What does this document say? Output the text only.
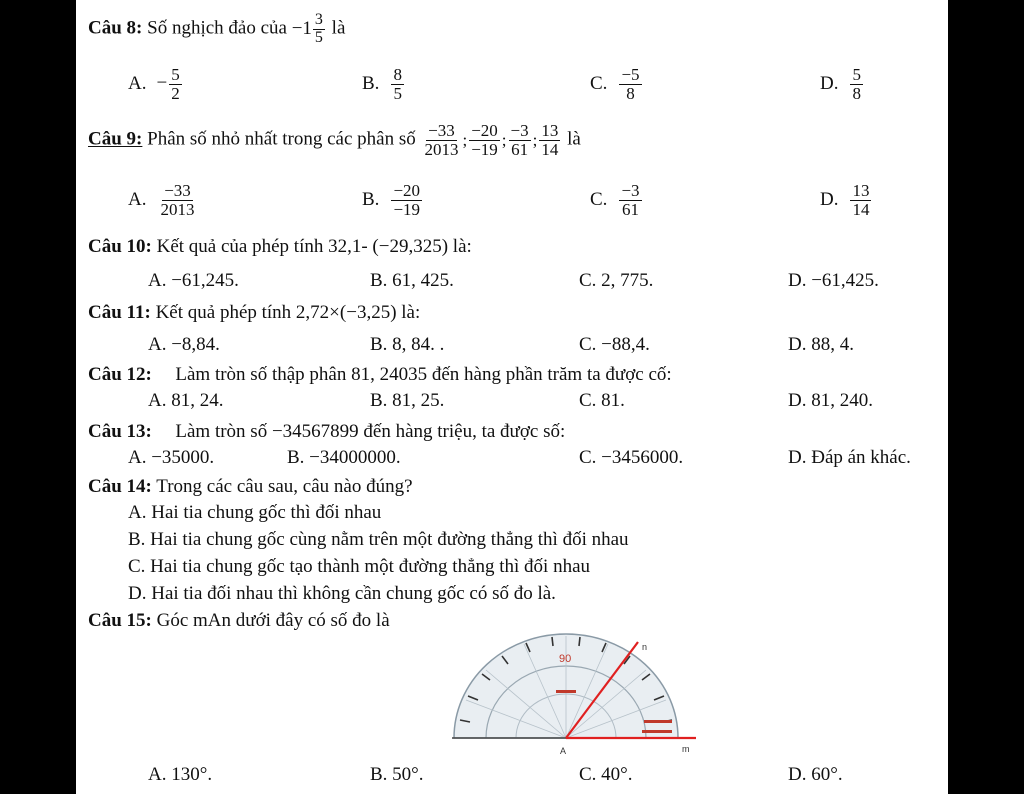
Câu 8: Số nghịch đảo của $-1 \frac{3}{5}$ là
A. − $\frac{5}{2}$	B. $\frac{8}{5}$	C. $\frac{-5}{8}$	D. $\frac{5}{8}$
Câu 9: Phân số nhỏ nhất trong các phân số $\frac{-33}{2013}$ ; $\frac{-20}{-19}$ ; $\frac{-3}{61}$ ; $\frac{13}{14}$ là
A. $\frac{-33}{2013}$	B. $\frac{-20}{-19}$	C. $\frac{-3}{61}$	D. $\frac{13}{14}$
Câu 10: Kết quả của phép tính 32,1- (−29,325) là:
A. −61,245.	B. 61, 425.	C. 2, 775.	D. −61,425.
Câu 11: Kết quả phép tính 2,72×(−3,25) là:
A. −8,84.	B. 8, 84. .	C. −88,4.	D. 88, 4.
Câu 12: Làm tròn số thập phân 81, 24035 đến hàng phần trăm ta được cố:
A. 81, 24.	B. 81, 25.	C. 81.	D. 81, 240.
Câu 13: Làm tròn số −34567899 đến hàng triệu, ta được số:
A. −35000.	B. −34000000.	C. −3456000.	D. Đáp án khác.
Câu 14: Trong các câu sau, câu nào đúng?
A. Hai tia chung gốc thì đối nhau
B. Hai tia chung gốc cùng nằm trên một đường thẳng thì đối nhau
C. Hai tia chung gốc tạo thành một đường thẳng thì đối nhau
D. Hai tia đối nhau thì không cần chung gốc có số đo là.
Câu 15: Góc mAn dưới đây có số đo là
90
n
A	m
A. 130°.	B. 50°.	C. 40°.	D. 60°.
